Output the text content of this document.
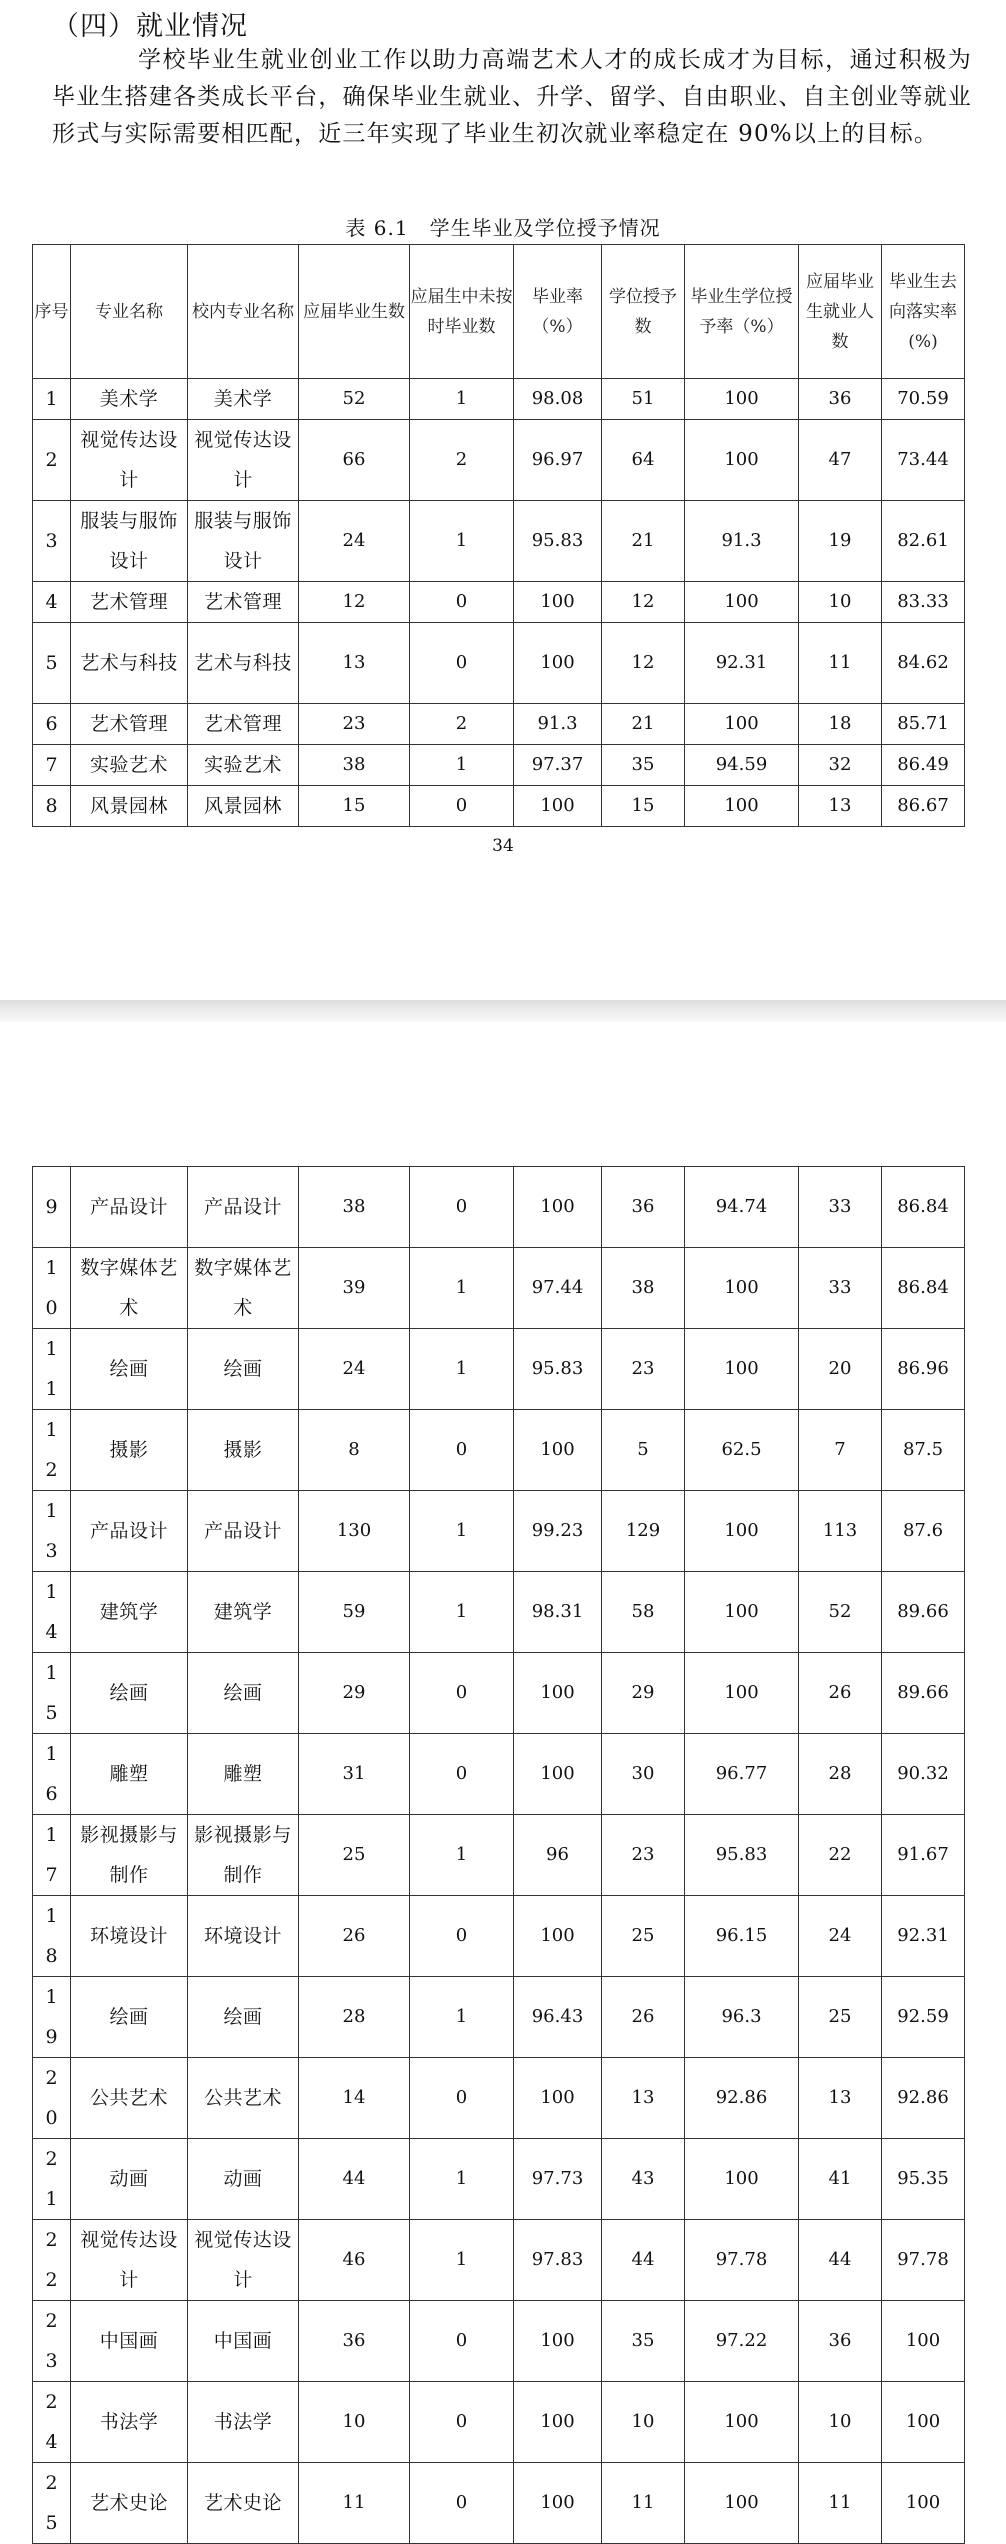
（四）就业情况

学校毕业生就业创业工作以助力高端艺术人才的成长成才为目标，通过积极为毕业生搭建各类成长平台，确保毕业生就业、升学、留学、自由职业、自主创业等就业形式与实际需要相匹配，近三年实现了毕业生初次就业率稳定在 90%以上的目标。

表 6.1　学生毕业及学位授予情况
序号	专业名称	校内专业名称	应届毕业生数	应届生中未按时毕业数	毕业率（%）	学位授予数	毕业生学位授予率（%）	应届毕业生就业人数	毕业生去向落实率(%)
1	美术学	美术学	52	1	98.08	51	100	36	70.59
2	视觉传达设计	视觉传达设计	66	2	96.97	64	100	47	73.44
3	服装与服饰设计	服装与服饰设计	24	1	95.83	21	91.3	19	82.61
4	艺术管理	艺术管理	12	0	100	12	100	10	83.33
5	艺术与科技	艺术与科技	13	0	100	12	92.31	11	84.62
6	艺术管理	艺术管理	23	2	91.3	21	100	18	85.71
7	实验艺术	实验艺术	38	1	97.37	35	94.59	32	86.49
8	风景园林	风景园林	15	0	100	15	100	13	86.67
34
9	产品设计	产品设计	38	0	100	36	94.74	33	86.84
10	数字媒体艺术	数字媒体艺术	39	1	97.44	38	100	33	86.84
11	绘画	绘画	24	1	95.83	23	100	20	86.96
12	摄影	摄影	8	0	100	5	62.5	7	87.5
13	产品设计	产品设计	130	1	99.23	129	100	113	87.6
14	建筑学	建筑学	59	1	98.31	58	100	52	89.66
15	绘画	绘画	29	0	100	29	100	26	89.66
16	雕塑	雕塑	31	0	100	30	96.77	28	90.32
17	影视摄影与制作	影视摄影与制作	25	1	96	23	95.83	22	91.67
18	环境设计	环境设计	26	0	100	25	96.15	24	92.31
19	绘画	绘画	28	1	96.43	26	96.3	25	92.59
20	公共艺术	公共艺术	14	0	100	13	92.86	13	92.86
21	动画	动画	44	1	97.73	43	100	41	95.35
22	视觉传达设计	视觉传达设计	46	1	97.83	44	97.78	44	97.78
23	中国画	中国画	36	0	100	35	97.22	36	100
24	书法学	书法学	10	0	100	10	100	10	100
25	艺术史论	艺术史论	11	0	100	11	100	11	100
